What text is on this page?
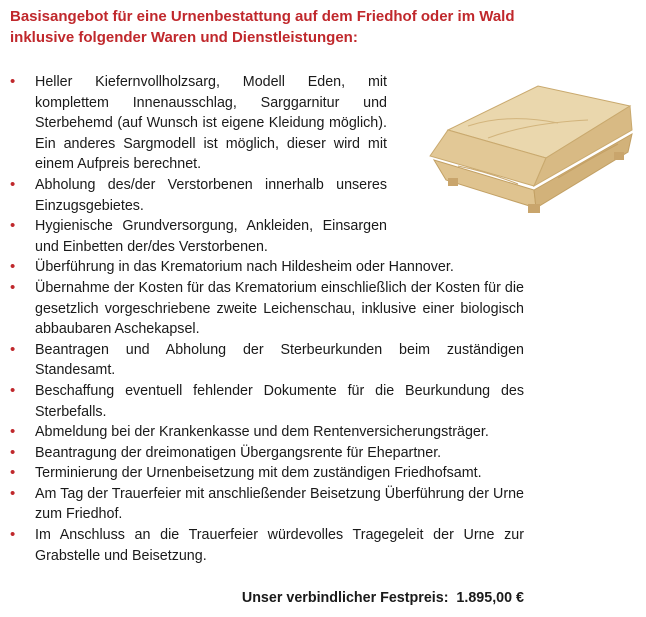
Basisangebot für eine Urnenbestattung auf dem Friedhof oder im Wald
inklusive folgender Waren und Dienstleistungen:

• Heller Kiefernvollholzsarg, Modell Eden, mit komplettem Innenausschlag, Sarggarnitur und Sterbehemd (auf Wunsch ist eigene Kleidung möglich). Ein anderes Sargmodell ist möglich, dieser wird mit einem Aufpreis berechnet.
• Abholung des/der Verstorbenen innerhalb unseres Einzugsgebietes.
• Hygienische Grundversorgung, Ankleiden, Einsargen und Einbetten der/des Verstorbenen.
• Überführung in das Krematorium nach Hildesheim oder Hannover.
• Übernahme der Kosten für das Krematorium einschließlich der Kosten für die gesetzlich vorgeschriebene zweite Leichenschau, inklusive einer biologisch abbaubaren Aschekapsel.
• Beantragen und Abholung der Sterbeurkunden beim zuständigen Standesamt.
• Beschaffung eventuell fehlender Dokumente für die Beurkundung des Sterbefalls.
• Abmeldung bei der Krankenkasse und dem Rentenversicherungsträger.
• Beantragung der dreimonatigen Übergangsrente für Ehepartner.
• Terminierung der Urnenbeisetzung mit dem zuständigen Friedhofsamt.
• Am Tag der Trauerfeier mit anschließender Beisetzung Überführung der Urne zum Friedhof.
• Im Anschluss an die Trauerfeier würdevolles Tragegeleit der Urne zur Grabstelle und Beisetzung.

Unser verbindlicher Festpreis: 1.895,00 €
